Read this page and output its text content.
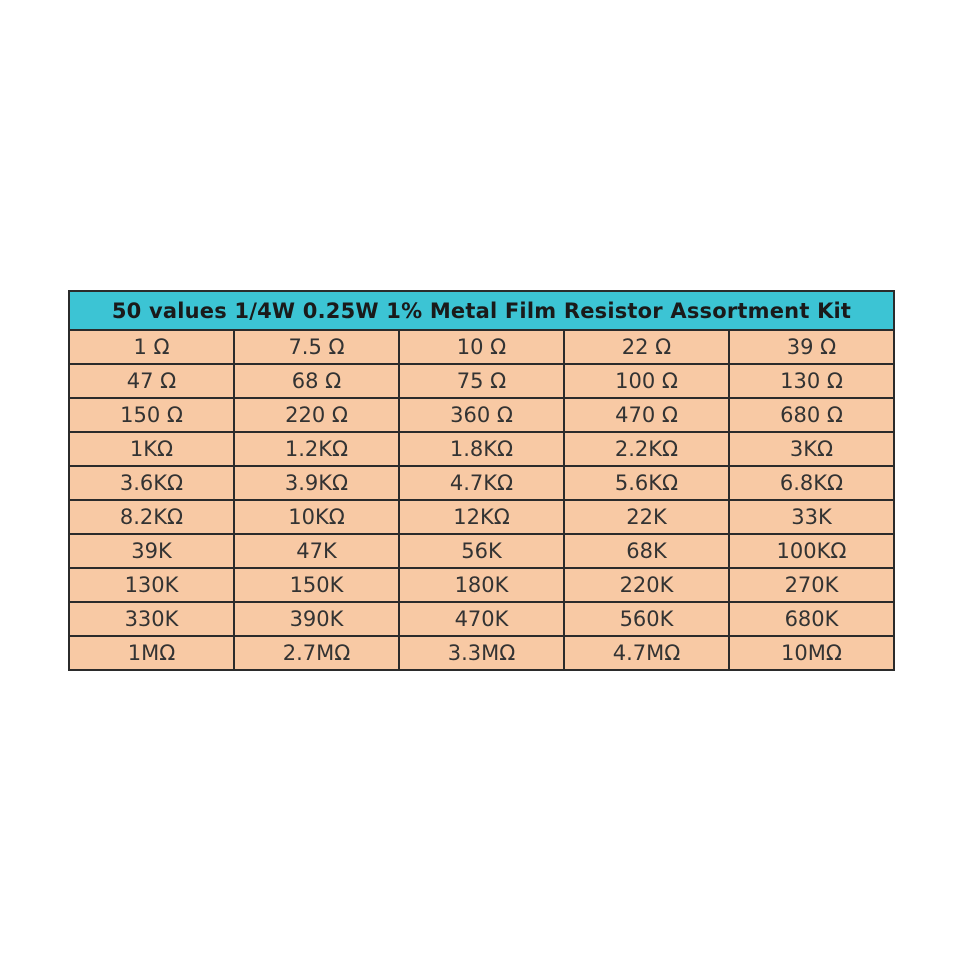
50 values 1/4W 0.25W 1% Metal Film Resistor Assortment Kit				
1 Ω	7.5 Ω	10 Ω	22 Ω	39 Ω
47 Ω	68 Ω	75 Ω	100 Ω	130 Ω
150 Ω	220 Ω	360 Ω	470 Ω	680 Ω
1KΩ	1.2KΩ	1.8KΩ	2.2KΩ	3KΩ
3.6KΩ	3.9KΩ	4.7KΩ	5.6KΩ	6.8KΩ
8.2KΩ	10KΩ	12KΩ	22K	33K
39K	47K	56K	68K	100KΩ
130K	150K	180K	220K	270K
330K	390K	470K	560K	680K
1MΩ	2.7MΩ	3.3MΩ	4.7MΩ	10MΩ
